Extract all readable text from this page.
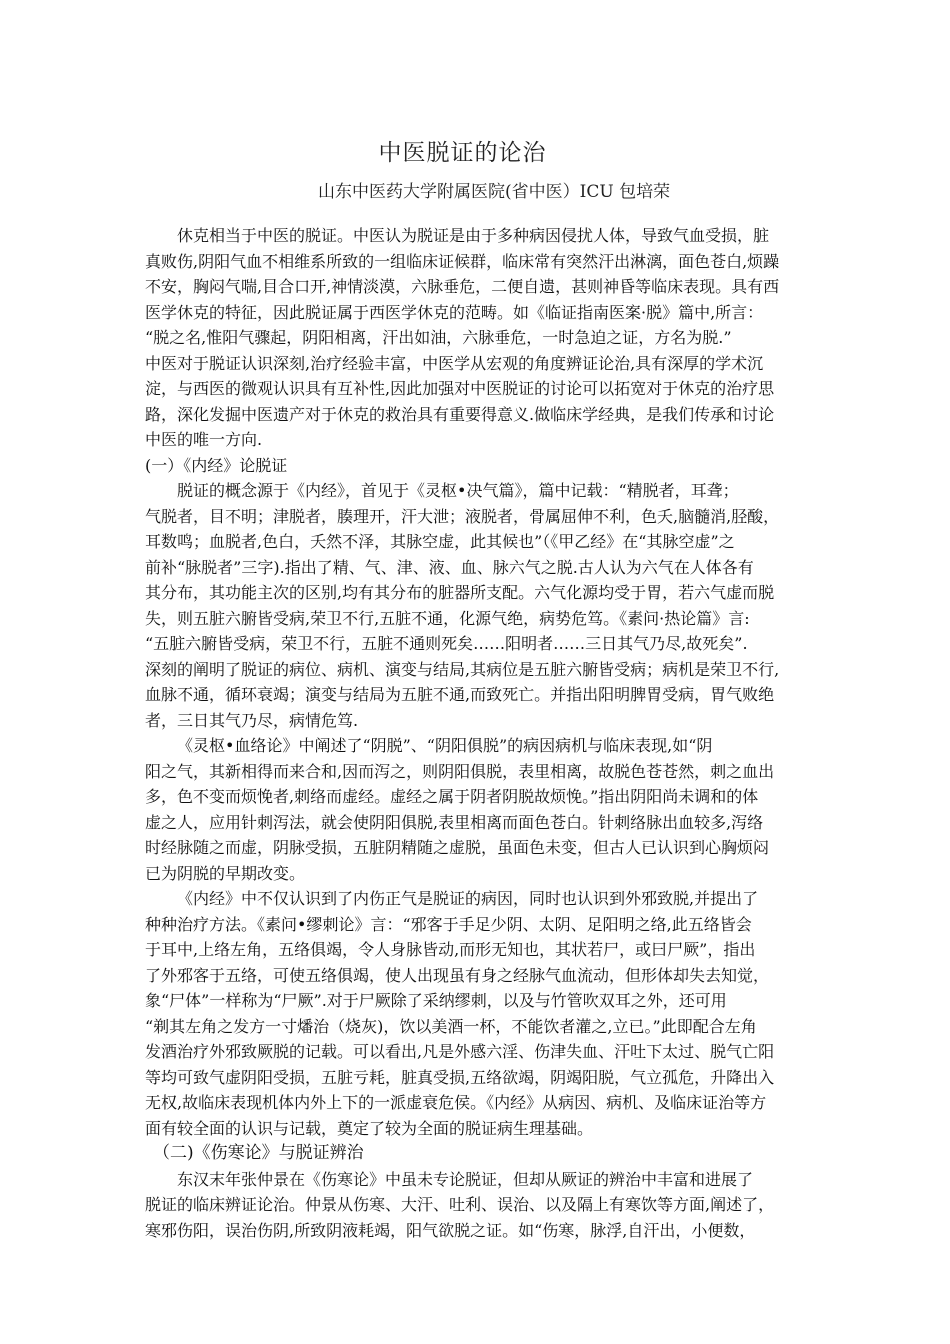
中医脱证的论治
山东中医药大学附属医院(省中医）ICU 包培荣
休克相当于中医的脱证。中医认为脱证是由于多种病因侵扰人体，导致气血受损，脏
真败伤,阴阳气血不相维系所致的一组临床证候群，临床常有突然汗出淋漓，面色苍白,烦躁
不安，胸闷气喘,目合口开,神情淡漠，六脉垂危，二便自遗，甚则神昏等临床表现。具有西
医学休克的特征，因此脱证属于西医学休克的范畴。如《临证指南医案·脱》篇中,所言：
“脱之名,惟阳气骤起，阴阳相离，汗出如油，六脉垂危，一时急迫之证，方名为脱.”
中医对于脱证认识深刻,治疗经验丰富，中医学从宏观的角度辨证论治,具有深厚的学术沉
淀，与西医的微观认识具有互补性,因此加强对中医脱证的讨论可以拓宽对于休克的治疗思
路，深化发掘中医遗产对于休克的救治具有重要得意义.做临床学经典，是我们传承和讨论
中医的唯一方向.
(一）《内经》论脱证
脱证的概念源于《内经》，首见于《灵枢•决气篇》，篇中记载：“精脱者，耳聋；
气脱者，目不明；津脱者，腠理开，汗大泄；液脱者，骨属屈伸不利，色夭,脑髓消,胫酸，
耳数鸣；血脱者,色白，夭然不泽，其脉空虚，此其候也”（《甲乙经》在“其脉空虚”之
前补“脉脱者”三字).指出了精、气、津、液、血、脉六气之脱.古人认为六气在人体各有
其分布，其功能主次的区别,均有其分布的脏器所支配。六气化源均受于胃，若六气虚而脱
失，则五脏六腑皆受病,荣卫不行,五脏不通，化源气绝，病势危笃。《素问·热论篇》言:
“五脏六腑皆受病，荣卫不行，五脏不通则死矣……阳明者……三日其气乃尽,故死矣”.
深刻的阐明了脱证的病位、病机、演变与结局,其病位是五脏六腑皆受病；病机是荣卫不行,
血脉不通，循环衰竭；演变与结局为五脏不通,而致死亡。并指出阳明脾胃受病，胃气败绝
者，三日其气乃尽，病情危笃.
《灵枢•血络论》中阐述了“阴脱”、“阴阳俱脱”的病因病机与临床表现,如“阴
阳之气，其新相得而来合和,因而泻之，则阴阳俱脱，表里相离，故脱色苍苍然，刺之血出
多，色不变而烦悗者,刺络而虚经。虚经之属于阴者阴脱故烦悗。”指出阴阳尚未调和的体
虚之人，应用针刺泻法，就会使阴阳俱脱,表里相离而面色苍白。针刺络脉出血较多,泻络
时经脉随之而虚，阴脉受损，五脏阴精随之虚脱，虽面色未变，但古人已认识到心胸烦闷
已为阴脱的早期改变。
《内经》中不仅认识到了内伤正气是脱证的病因，同时也认识到外邪致脱,并提出了
种种治疗方法。《素问•缪刺论》言：“邪客于手足少阴、太阴、足阳明之络,此五络皆会
于耳中,上络左角，五络俱竭，令人身脉皆动,而形无知也，其状若尸，或曰尸厥”，指出
了外邪客于五络，可使五络俱竭，使人出现虽有身之经脉气血流动，但形体却失去知觉，
象“尸体”一样称为“尸厥”.对于尸厥除了采纳缪刺，以及与竹管吹双耳之外，还可用
“剃其左角之发方一寸燔治（烧灰)，饮以美酒一杯，不能饮者灌之,立已。”此即配合左角
发酒治疗外邪致厥脱的记载。可以看出,凡是外感六淫、伤津失血、汗吐下太过、脱气亡阳
等均可致气虚阴阳受损，五脏亏耗，脏真受损,五络欲竭，阴竭阳脱，气立孤危，升降出入
无权,故临床表现机体内外上下的一派虚衰危侯。《内经》从病因、病机、及临床证治等方
面有较全面的认识与记载，奠定了较为全面的脱证病生理基础。
（二)《伤寒论》与脱证辨治
东汉末年张仲景在《伤寒论》中虽未专论脱证，但却从厥证的辨治中丰富和进展了
脱证的临床辨证论治。仲景从伤寒、大汗、吐利、误治、以及隔上有寒饮等方面,阐述了，
寒邪伤阳，误治伤阴,所致阴液耗竭，阳气欲脱之证。如“伤寒，脉浮,自汗出，小便数，
